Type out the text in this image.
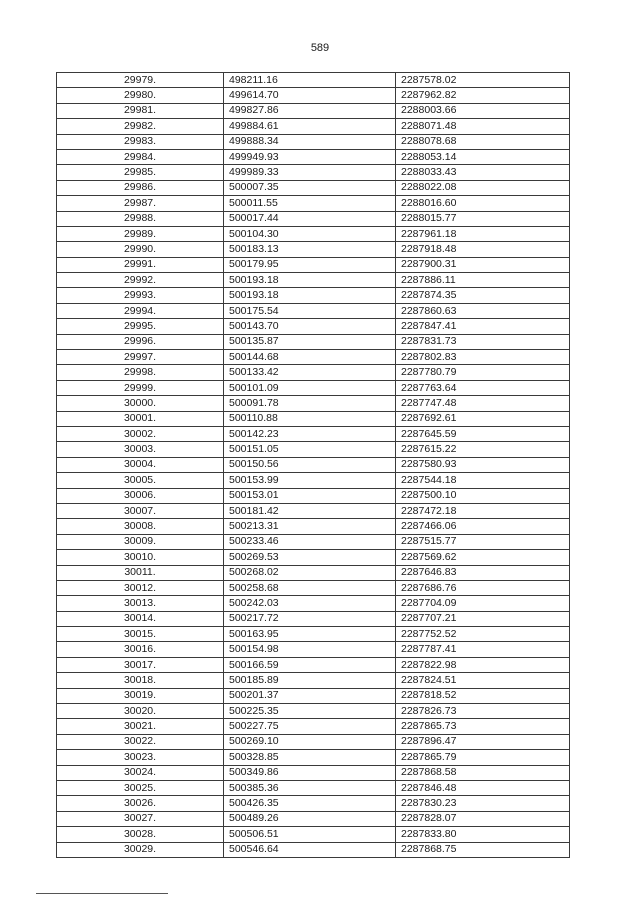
589
29979.	498211.16	2287578.02
29980.	499614.70	2287962.82
29981.	499827.86	2288003.66
29982.	499884.61	2288071.48
29983.	499888.34	2288078.68
29984.	499949.93	2288053.14
29985.	499989.33	2288033.43
29986.	500007.35	2288022.08
29987.	500011.55	2288016.60
29988.	500017.44	2288015.77
29989.	500104.30	2287961.18
29990.	500183.13	2287918.48
29991.	500179.95	2287900.31
29992.	500193.18	2287886.11
29993.	500193.18	2287874.35
29994.	500175.54	2287860.63
29995.	500143.70	2287847.41
29996.	500135.87	2287831.73
29997.	500144.68	2287802.83
29998.	500133.42	2287780.79
29999.	500101.09	2287763.64
30000.	500091.78	2287747.48
30001.	500110.88	2287692.61
30002.	500142.23	2287645.59
30003.	500151.05	2287615.22
30004.	500150.56	2287580.93
30005.	500153.99	2287544.18
30006.	500153.01	2287500.10
30007.	500181.42	2287472.18
30008.	500213.31	2287466.06
30009.	500233.46	2287515.77
30010.	500269.53	2287569.62
30011.	500268.02	2287646.83
30012.	500258.68	2287686.76
30013.	500242.03	2287704.09
30014.	500217.72	2287707.21
30015.	500163.95	2287752.52
30016.	500154.98	2287787.41
30017.	500166.59	2287822.98
30018.	500185.89	2287824.51
30019.	500201.37	2287818.52
30020.	500225.35	2287826.73
30021.	500227.75	2287865.73
30022.	500269.10	2287896.47
30023.	500328.85	2287865.79
30024.	500349.86	2287868.58
30025.	500385.36	2287846.48
30026.	500426.35	2287830.23
30027.	500489.26	2287828.07
30028.	500506.51	2287833.80
30029.	500546.64	2287868.75
